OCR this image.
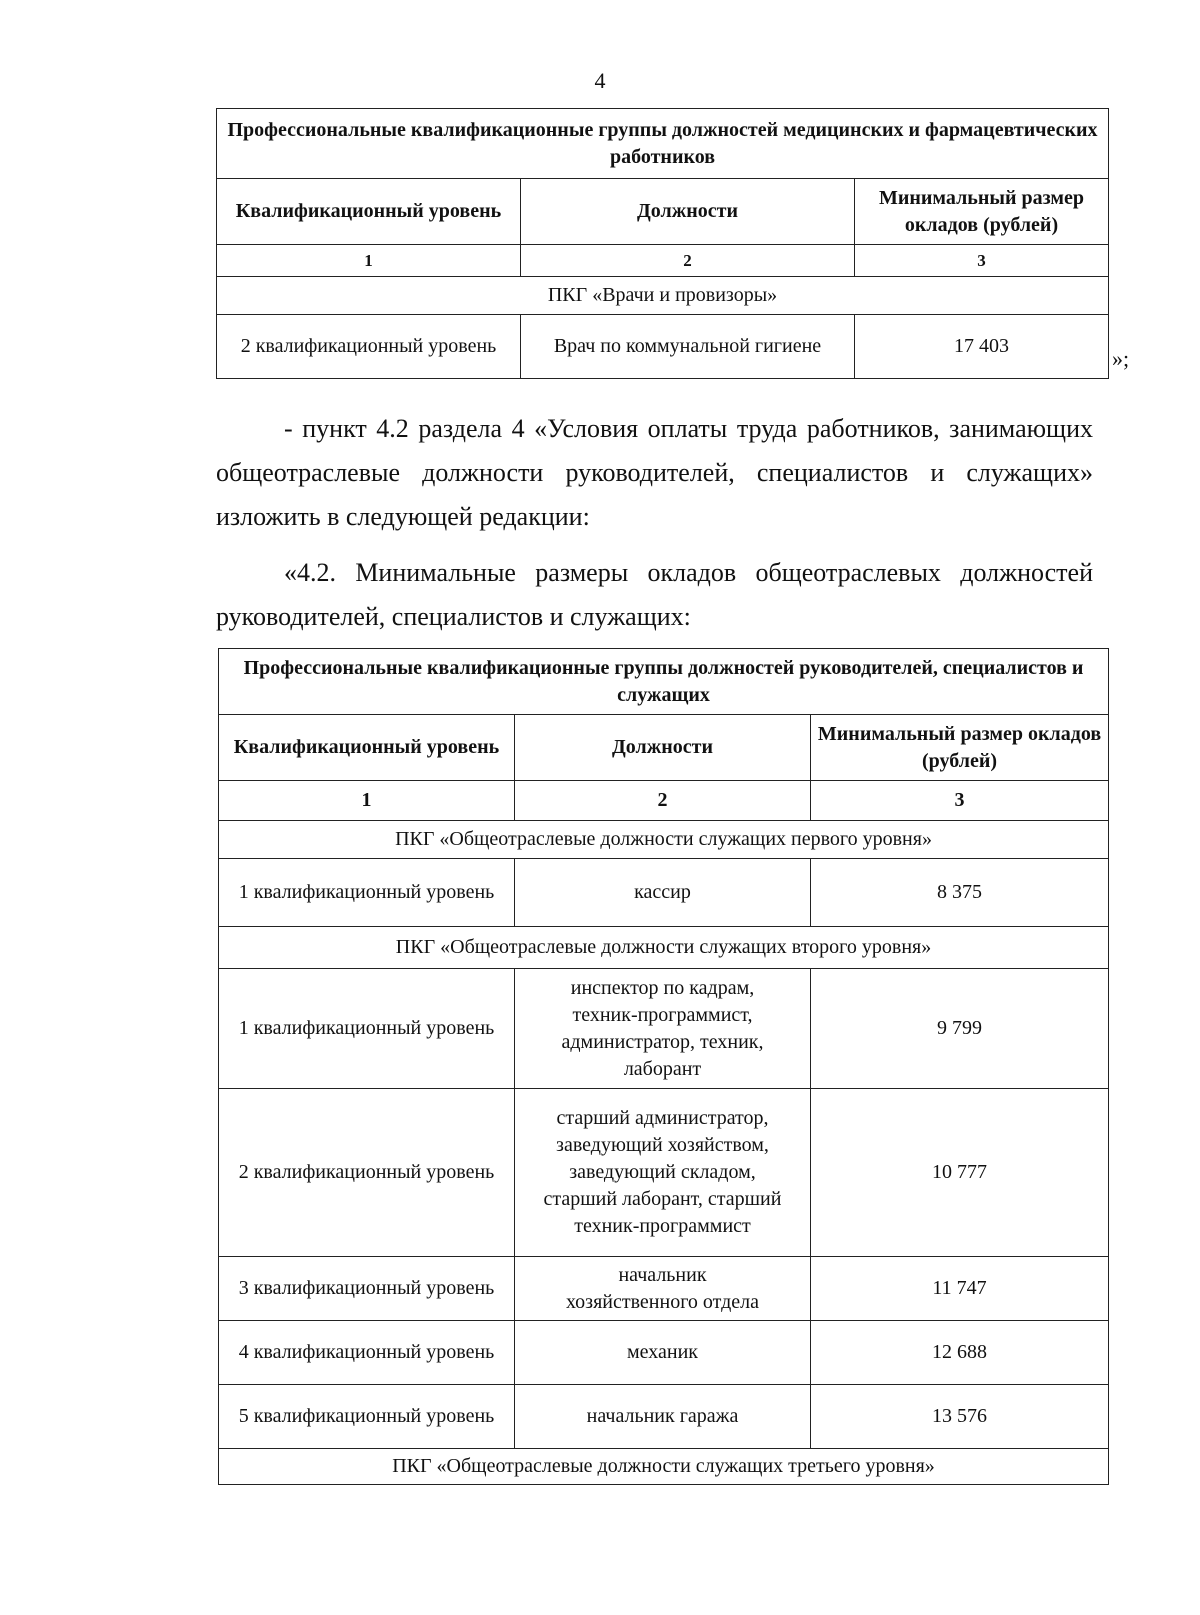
4
Профессиональные квалификационные группы должностей медицинских и фармацевтических работников		
Квалификационный уровень	Должности	Минимальный размер окладов (рублей)
1	2	3
ПКГ «Врачи и провизоры»		
2 квалификационный уровень	Врач по коммунальной гигиене	17 403	»;

- пункт 4.2 раздела 4 «Условия оплаты труда работников, занимающих общеотраслевые должности руководителей, специалистов и служащих» изложить в следующей редакции:

«4.2. Минимальные размеры окладов общеотраслевых должностей руководителей, специалистов и служащих:

Профессиональные квалификационные группы должностей руководителей, специалистов и служащих		
Квалификационный уровень	Должности	Минимальный размер окладов (рублей)
1	2	3
ПКГ «Общеотраслевые должности служащих первого уровня»		
1 квалификационный уровень	кассир	8 375
ПКГ «Общеотраслевые должности служащих второго уровня»		
1 квалификационный уровень	инспектор по кадрам, техник-программист, администратор, техник, лаборант	9 799
2 квалификационный уровень	старший администратор, заведующий хозяйством, заведующий складом, старший лаборант, старший техник-программист	10 777
3 квалификационный уровень	начальник хозяйственного отдела	11 747
4 квалификационный уровень	механик	12 688
5 квалификационный уровень	начальник гаража	13 576
ПКГ «Общеотраслевые должности служащих третьего уровня»		
